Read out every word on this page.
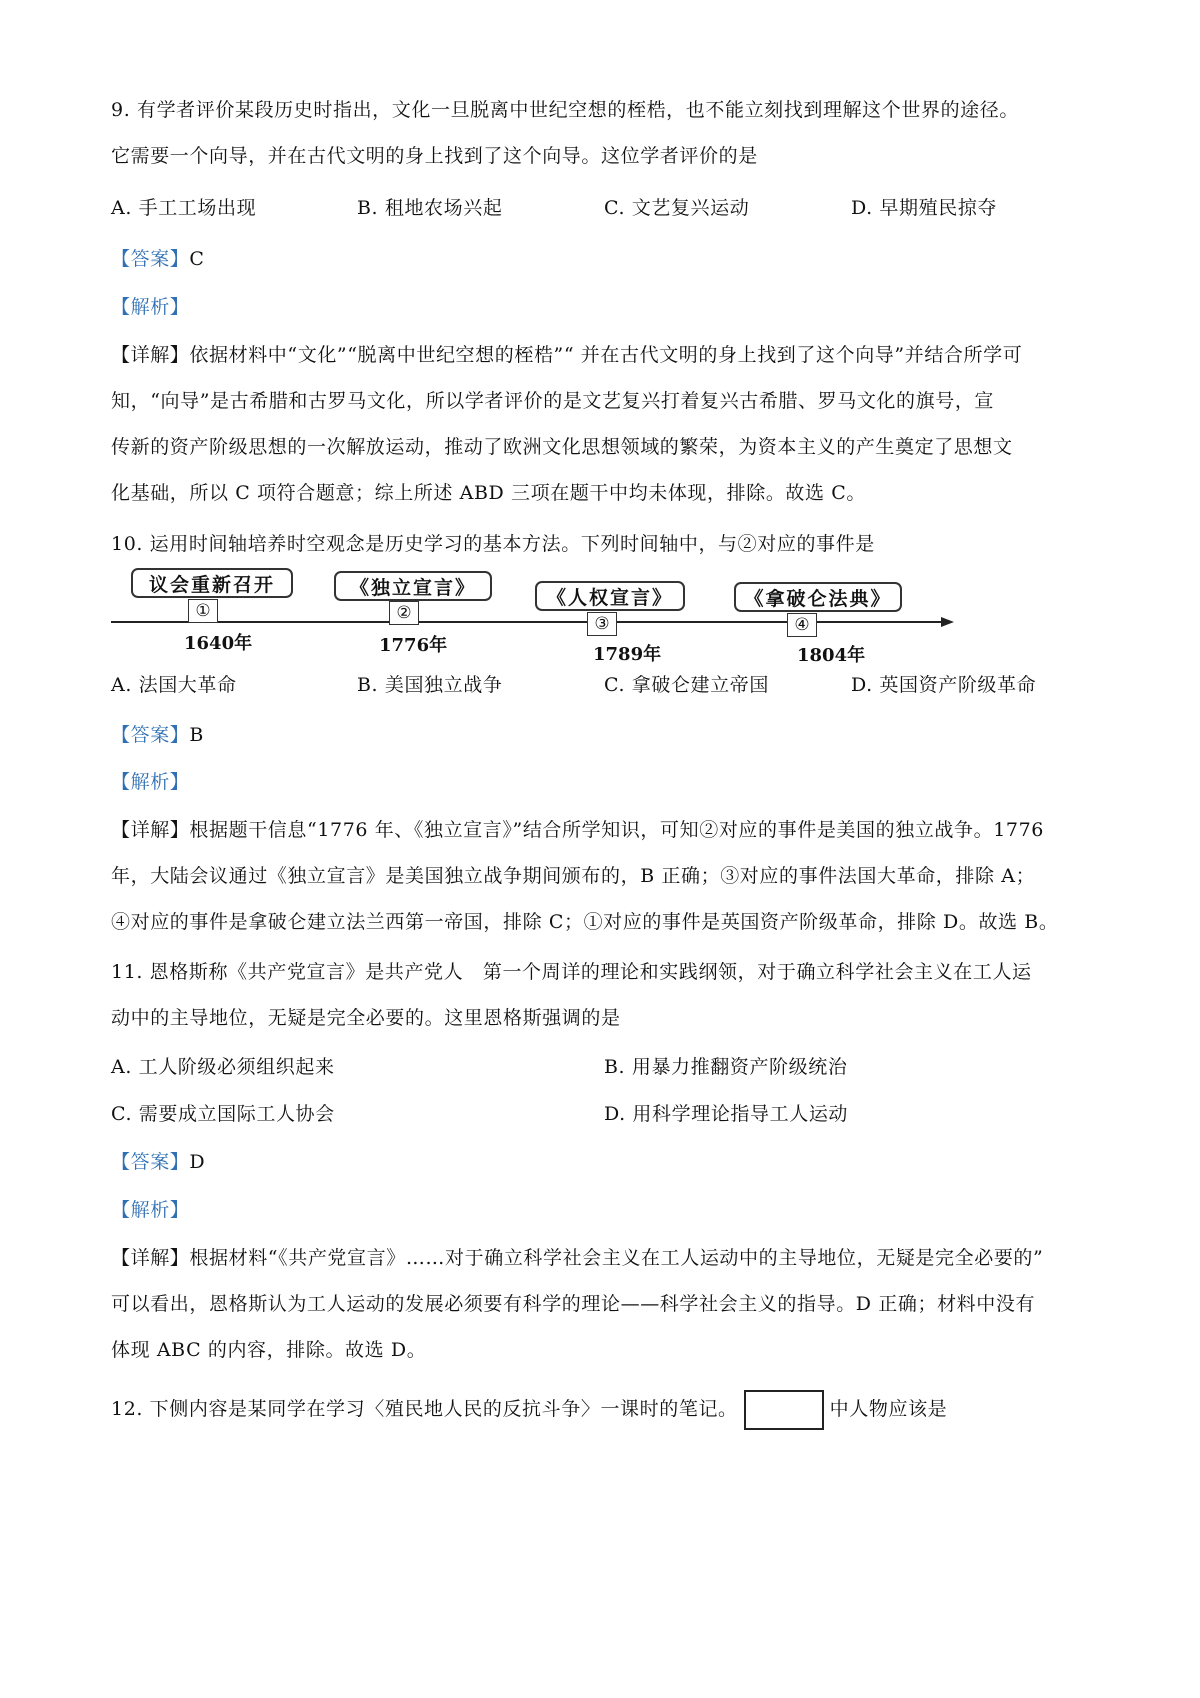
9. 有学者评价某段历史时指出，文化一旦脱离中世纪空想的桎梏，也不能立刻找到理解这个世界的途径。
它需要一个向导，并在古代文明的身上找到了这个向导。这位学者评价的是
A. 手工工场出现	B. 租地农场兴起	C. 文艺复兴运动	D. 早期殖民掠夺
【答案】C
【解析】
【详解】依据材料中“文化”“脱离中世纪空想的桎梏”“ 并在古代文明的身上找到了这个向导”并结合所学可
知，“向导”是古希腊和古罗马文化，所以学者评价的是文艺复兴打着复兴古希腊、罗马文化的旗号，宣
传新的资产阶级思想的一次解放运动，推动了欧洲文化思想领域的繁荣，为资本主义的产生奠定了思想文
化基础，所以 C 项符合题意；综上所述 ABD 三项在题干中均未体现，排除。故选 C。
10. 运用时间轴培养时空观念是历史学习的基本方法。下列时间轴中，与②对应的事件是
议会重新召开
①
1640年
《独立宣言》
②
1776年
《人权宣言》
③
1789年
《拿破仑法典》
④
1804年
A. 法国大革命	B. 美国独立战争	C. 拿破仑建立帝国	D. 英国资产阶级革命
【答案】B
【解析】
【详解】根据题干信息“1776 年、《独立宣言》”结合所学知识，可知②对应的事件是美国的独立战争。1776
年，大陆会议通过《独立宣言》是美国独立战争期间颁布的，B 正确；③对应的事件法国大革命，排除 A；
④对应的事件是拿破仑建立法兰西第一帝国，排除 C；①对应的事件是英国资产阶级革命，排除 D。故选 B。
11. 恩格斯称《共产党宣言》是共产党人　第一个周详的理论和实践纲领，对于确立科学社会主义在工人运
动中的主导地位，无疑是完全必要的。这里恩格斯强调的是
A. 工人阶级必须组织起来	B. 用暴力推翻资产阶级统治
C. 需要成立国际工人协会	D. 用科学理论指导工人运动
【答案】D
【解析】
【详解】根据材料“《共产党宣言》……对于确立科学社会主义在工人运动中的主导地位，无疑是完全必要的”
可以看出，恩格斯认为工人运动的发展必须要有科学的理论——科学社会主义的指导。D 正确；材料中没有
体现 ABC 的内容，排除。故选 D。
12. 下侧内容是某同学在学习〈殖民地人民的反抗斗争〉一课时的笔记。	中人物应该是
